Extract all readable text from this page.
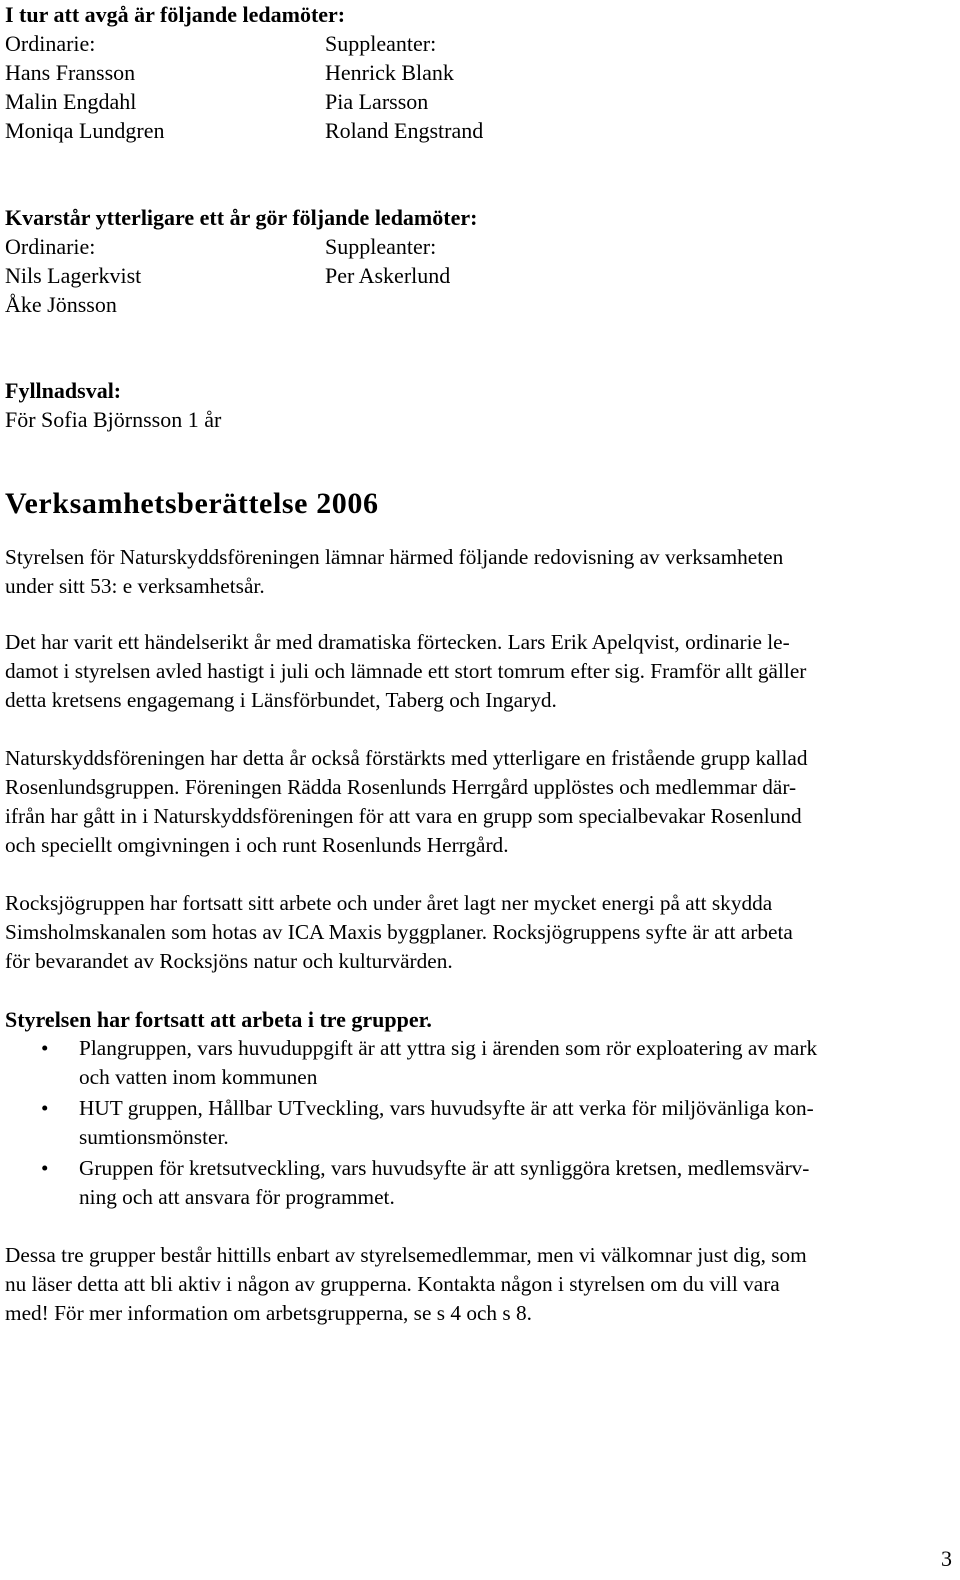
I tur att avgå är följande ledamöter:

Ordinarie:	Suppleanter:
Hans Fransson	Henrick Blank
Malin Engdahl	Pia Larsson
Moniqa Lundgren	Roland Engstrand

Kvarstår ytterligare ett år gör följande ledamöter:

Ordinarie:	Suppleanter:
Nils Lagerkvist	Per Askerlund

Åke Jönsson

Fyllnadsval:

För Sofia Björnsson 1 år

Verksamhetsberättelse 2006

Styrelsen för Naturskyddsföreningen lämnar härmed följande redovisning av verksamheten

under sitt 53: e verksamhetsår.

Det har varit ett händelserikt år med dramatiska förtecken. Lars Erik Apelqvist, ordinarie le-

damot i styrelsen avled hastigt i juli och lämnade ett stort tomrum efter sig. Framför allt gäller

detta kretsens engagemang i Länsförbundet, Taberg och Ingaryd.

Naturskyddsföreningen har detta år också förstärkts med ytterligare en fristående grupp kallad

Rosenlundsgruppen. Föreningen Rädda Rosenlunds Herrgård upplöstes och medlemmar där-

ifrån har gått in i Naturskyddsföreningen för att vara en grupp som specialbevakar Rosenlund

och speciellt omgivningen i och runt Rosenlunds Herrgård.

Rocksjögruppen har fortsatt sitt arbete och under året lagt ner mycket energi på att skydda

Simsholmskanalen som hotas av ICA Maxis byggplaner. Rocksjögruppens syfte är att arbeta

för bevarandet av Rocksjöns natur och kulturvärden.

Styrelsen har fortsatt att arbeta i tre grupper.

• Plangruppen, vars huvuduppgift är att yttra sig i ärenden som rör exploatering av mark
och vatten inom kommunen
• HUT gruppen, Hållbar UTveckling, vars huvudsyfte är att verka för miljövänliga kon-
sumtionsmönster.
• Gruppen för kretsutveckling, vars huvudsyfte är att synliggöra kretsen, medlemsvärv-
ning och att ansvara för programmet.

Dessa tre grupper består hittills enbart av styrelsemedlemmar, men vi välkomnar just dig, som

nu läser detta att bli aktiv i någon av grupperna. Kontakta någon i styrelsen om du vill vara

med! För mer information om arbetsgrupperna, se s 4 och s 8.

3
